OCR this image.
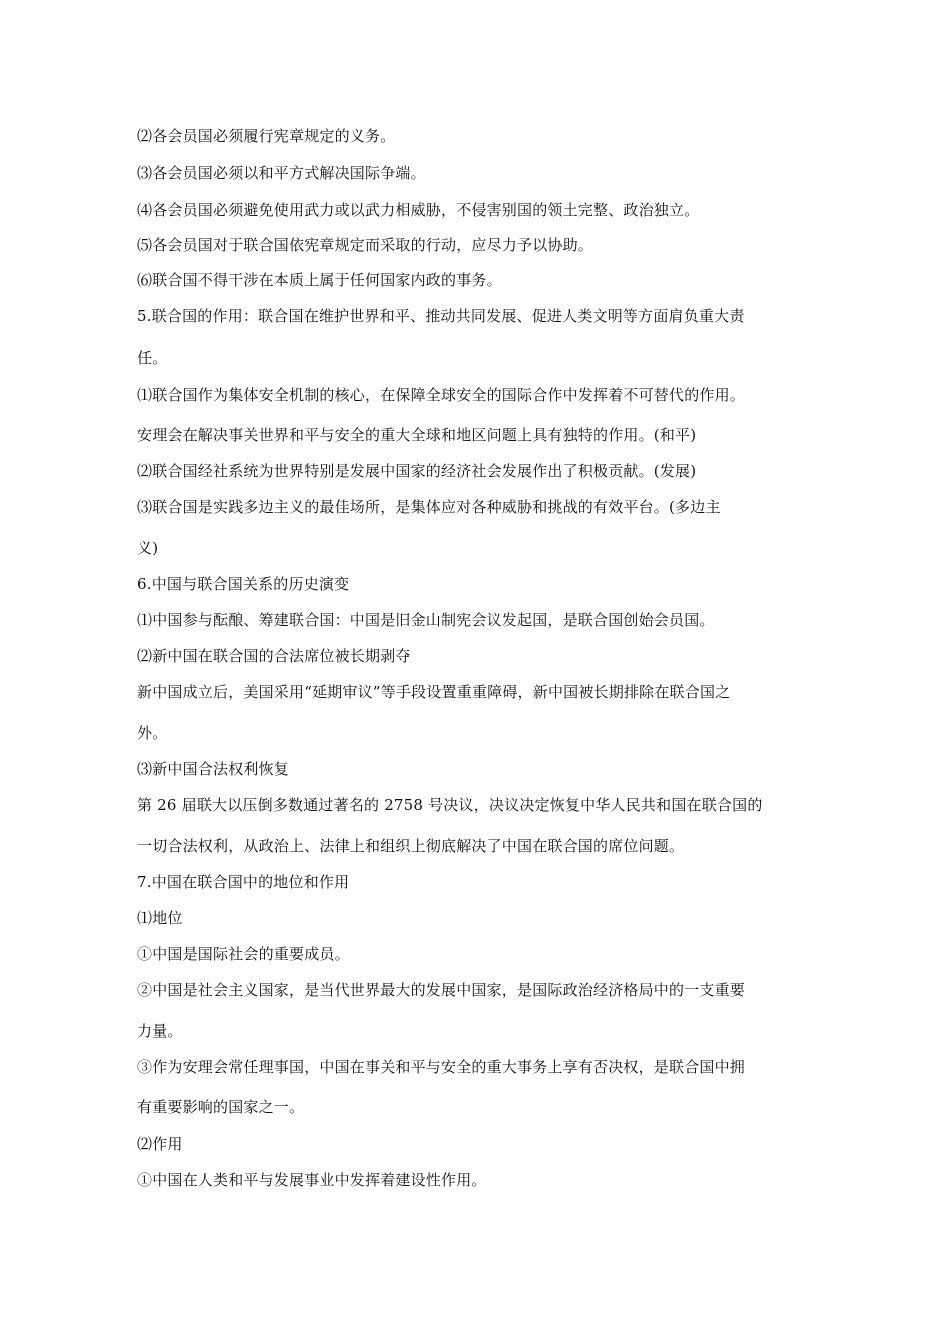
⑵各会员国必须履行宪章规定的义务。
⑶各会员国必须以和平方式解决国际争端。
⑷各会员国必须避免使用武力或以武力相威胁，不侵害别国的领土完整、政治独立。
⑸各会员国对于联合国依宪章规定而采取的行动，应尽力予以协助。
⑹联合国不得干涉在本质上属于任何国家内政的事务。
5.联合国的作用：联合国在维护世界和平、推动共同发展、促进人类文明等方面肩负重大责
任。
⑴联合国作为集体安全机制的核心，在保障全球安全的国际合作中发挥着不可替代的作用。
安理会在解决事关世界和平与安全的重大全球和地区问题上具有独特的作用。(和平)
⑵联合国经社系统为世界特别是发展中国家的经济社会发展作出了积极贡献。(发展)
⑶联合国是实践多边主义的最佳场所，是集体应对各种威胁和挑战的有效平台。(多边主
义)
6.中国与联合国关系的历史演变
⑴中国参与酝酿、筹建联合国：中国是旧金山制宪会议发起国，是联合国创始会员国。
⑵新中国在联合国的合法席位被长期剥夺
新中国成立后，美国采用“延期审议”等手段设置重重障碍，新中国被长期排除在联合国之
外。
⑶新中国合法权利恢复
第 26 届联大以压倒多数通过著名的 2758 号决议，决议决定恢复中华人民共和国在联合国的
一切合法权利，从政治上、法律上和组织上彻底解决了中国在联合国的席位问题。
7.中国在联合国中的地位和作用
⑴地位
①中国是国际社会的重要成员。
②中国是社会主义国家，是当代世界最大的发展中国家，是国际政治经济格局中的一支重要
力量。
③作为安理会常任理事国，中国在事关和平与安全的重大事务上享有否决权，是联合国中拥
有重要影响的国家之一。
⑵作用
①中国在人类和平与发展事业中发挥着建设性作用。
